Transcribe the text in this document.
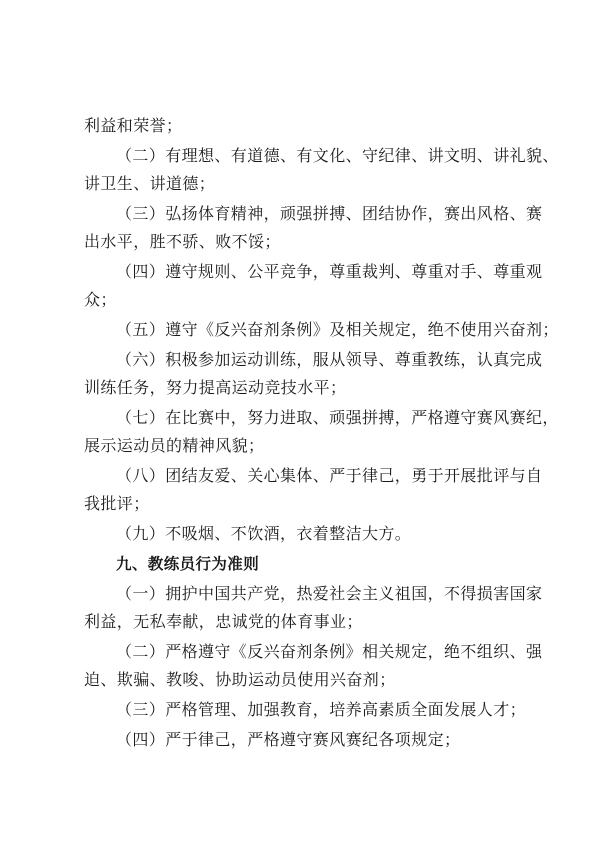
利益和荣誉；
（二）有理想、有道德、有文化、守纪律、讲文明、讲礼貌、
讲卫生、讲道德；
（三）弘扬体育精神，顽强拼搏、团结协作，赛出风格、赛
出水平，胜不骄、败不馁；
（四）遵守规则、公平竞争，尊重裁判、尊重对手、尊重观
众；
（五）遵守《反兴奋剂条例》及相关规定，绝不使用兴奋剂；
（六）积极参加运动训练，服从领导、尊重教练，认真完成
训练任务，努力提高运动竞技水平；
（七）在比赛中，努力进取、顽强拼搏，严格遵守赛风赛纪，
展示运动员的精神风貌；
（八）团结友爱、关心集体、严于律己，勇于开展批评与自
我批评；
（九）不吸烟、不饮酒，衣着整洁大方。
九、教练员行为准则
（一）拥护中国共产党，热爱社会主义祖国，不得损害国家
利益，无私奉献，忠诚党的体育事业；
（二）严格遵守《反兴奋剂条例》相关规定，绝不组织、强
迫、欺骗、教唆、协助运动员使用兴奋剂；
（三）严格管理、加强教育，培养高素质全面发展人才；
（四）严于律己，严格遵守赛风赛纪各项规定；
